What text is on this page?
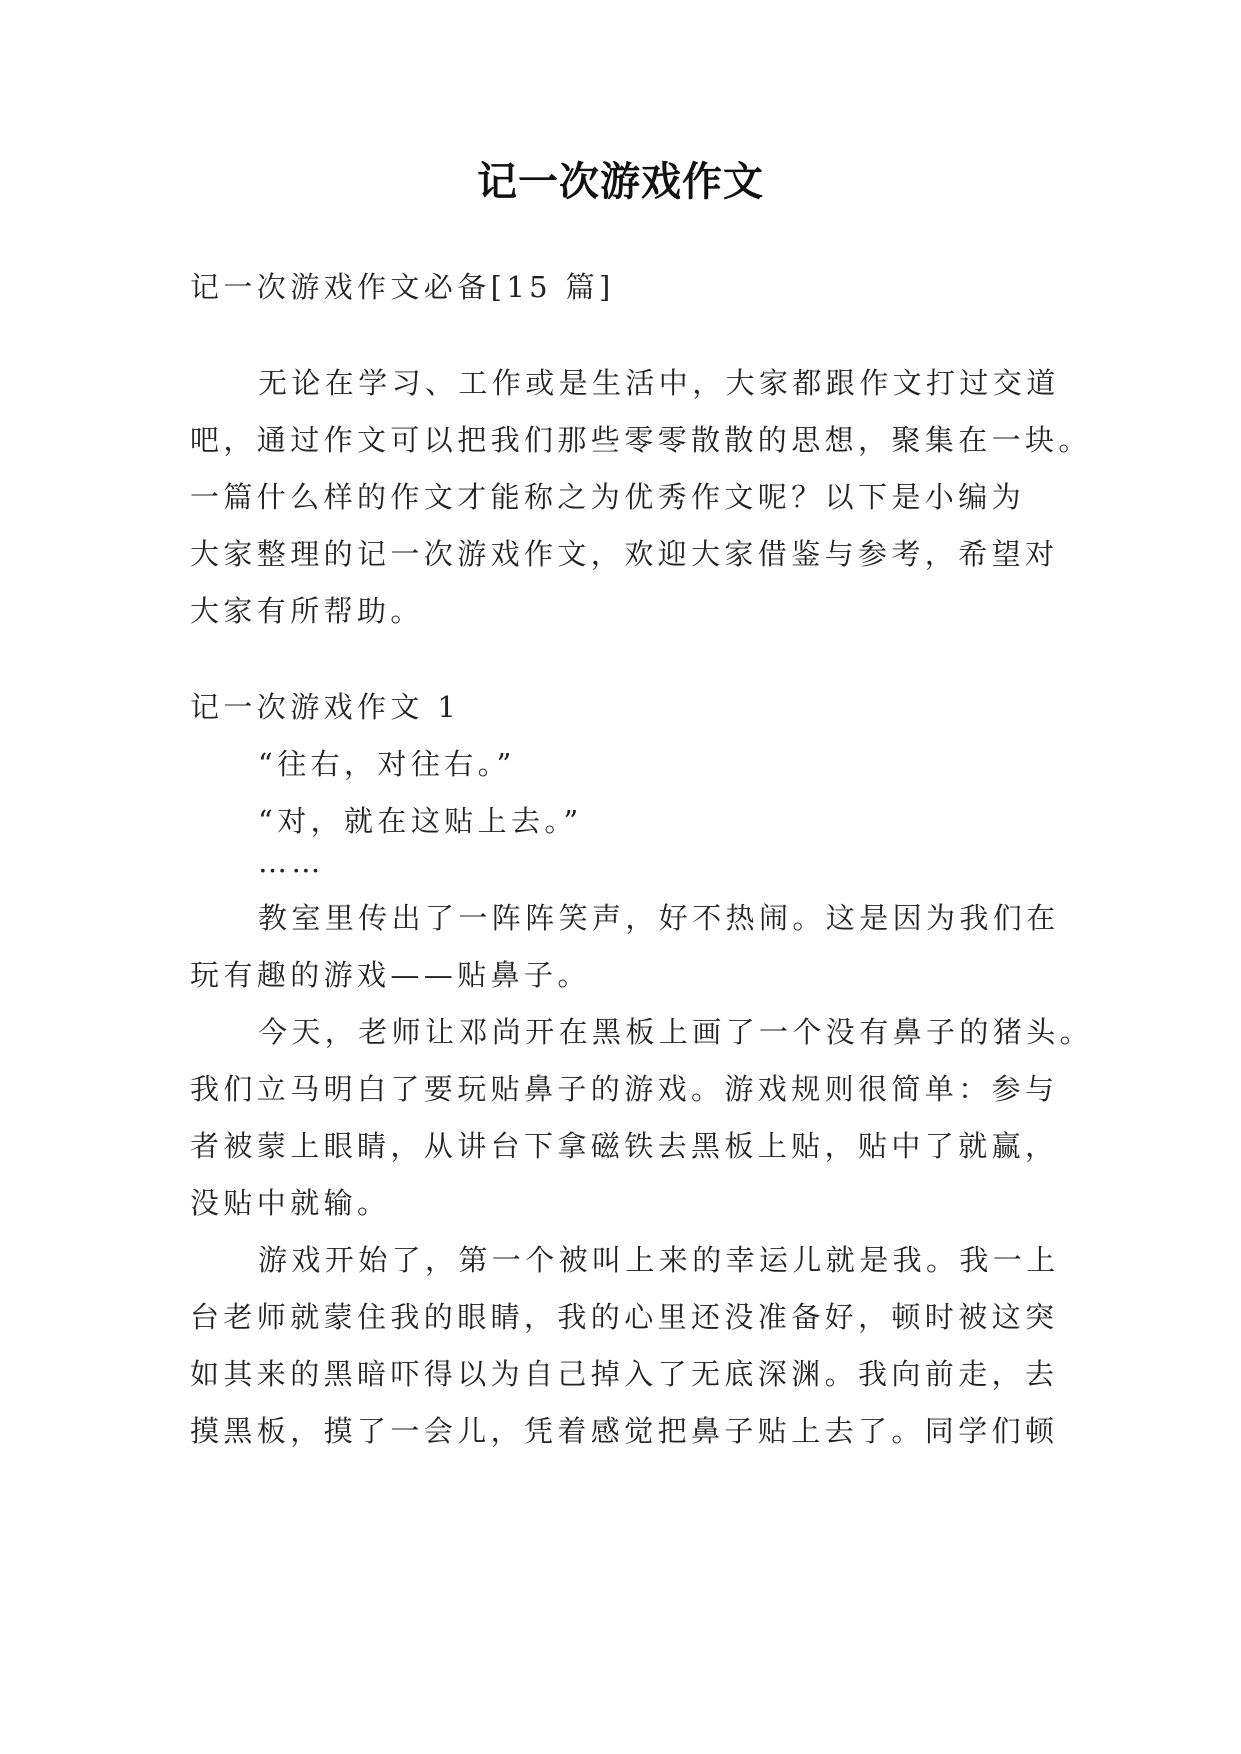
记一次游戏作文
记一次游戏作文必备[15 篇]
无论在学习、工作或是生活中，大家都跟作文打过交道
吧，通过作文可以把我们那些零零散散的思想，聚集在一块。
一篇什么样的作文才能称之为优秀作文呢？以下是小编为
大家整理的记一次游戏作文，欢迎大家借鉴与参考，希望对
大家有所帮助。
记一次游戏作文 1
“往右，对往右。”
“对，就在这贴上去。”
……
教室里传出了一阵阵笑声，好不热闹。这是因为我们在
玩有趣的游戏——贴鼻子。
今天，老师让邓尚开在黑板上画了一个没有鼻子的猪头。
我们立马明白了要玩贴鼻子的游戏。游戏规则很简单：参与
者被蒙上眼睛，从讲台下拿磁铁去黑板上贴，贴中了就赢，
没贴中就输。
游戏开始了，第一个被叫上来的幸运儿就是我。我一上
台老师就蒙住我的眼睛，我的心里还没准备好，顿时被这突
如其来的黑暗吓得以为自己掉入了无底深渊。我向前走，去
摸黑板，摸了一会儿，凭着感觉把鼻子贴上去了。同学们顿
